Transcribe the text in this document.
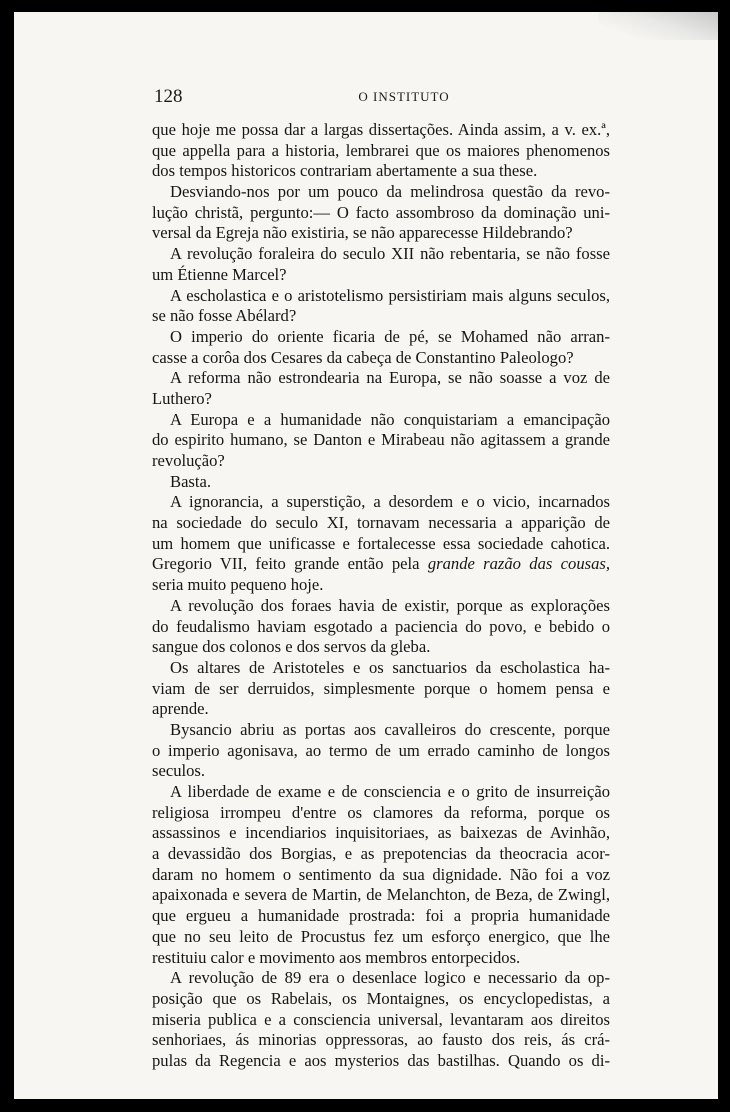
128	O INSTITUTO
que hoje me possa dar a largas dissertações. Ainda assim, a v. ex.ª,
que appella para a historia, lembrarei que os maiores phenomenos
dos tempos historicos contrariam abertamente a sua these.
Desviando-nos por um pouco da melindrosa questão da revo-
lução christã, pergunto:— O facto assombroso da dominação uni-
versal da Egreja não existiria, se não apparecesse Hildebrando?
A revolução foraleira do seculo XII não rebentaria, se não fosse
um Étienne Marcel?
A escholastica e o aristotelismo persistiriam mais alguns seculos,
se não fosse Abélard?
O imperio do oriente ficaria de pé, se Mohamed não arran-
casse a corôa dos Cesares da cabeça de Constantino Paleologo?
A reforma não estrondearia na Europa, se não soasse a voz de
Luthero?
A Europa e a humanidade não conquistariam a emancipação
do espirito humano, se Danton e Mirabeau não agitassem a grande
revolução?
Basta.
A ignorancia, a superstição, a desordem e o vicio, incarnados
na sociedade do seculo XI, tornavam necessaria a apparição de
um homem que unificasse e fortalecesse essa sociedade cahotica.
Gregorio VII, feito grande então pela grande razão das cousas,
seria muito pequeno hoje.
A revolução dos foraes havia de existir, porque as explorações
do feudalismo haviam esgotado a paciencia do povo, e bebido o
sangue dos colonos e dos servos da gleba.
Os altares de Aristoteles e os sanctuarios da escholastica ha-
viam de ser derruidos, simplesmente porque o homem pensa e
aprende.
Bysancio abriu as portas aos cavalleiros do crescente, porque
o imperio agonisava, ao termo de um errado caminho de longos
seculos.
A liberdade de exame e de consciencia e o grito de insurreição
religiosa irrompeu d'entre os clamores da reforma, porque os
assassinos e incendiarios inquisitoriaes, as baixezas de Avinhão,
a devassidão dos Borgias, e as prepotencias da theocracia acor-
daram no homem o sentimento da sua dignidade. Não foi a voz
apaixonada e severa de Martin, de Melanchton, de Beza, de Zwingl,
que ergueu a humanidade prostrada: foi a propria humanidade
que no seu leito de Procustus fez um esforço energico, que lhe
restituiu calor e movimento aos membros entorpecidos.
A revolução de 89 era o desenlace logico e necessario da op-
posição que os Rabelais, os Montaignes, os encyclopedistas, a
miseria publica e a consciencia universal, levantaram aos direitos
senhoriaes, ás minorias oppressoras, ao fausto dos reis, ás crá-
pulas da Regencia e aos mysterios das bastilhas. Quando os di-
